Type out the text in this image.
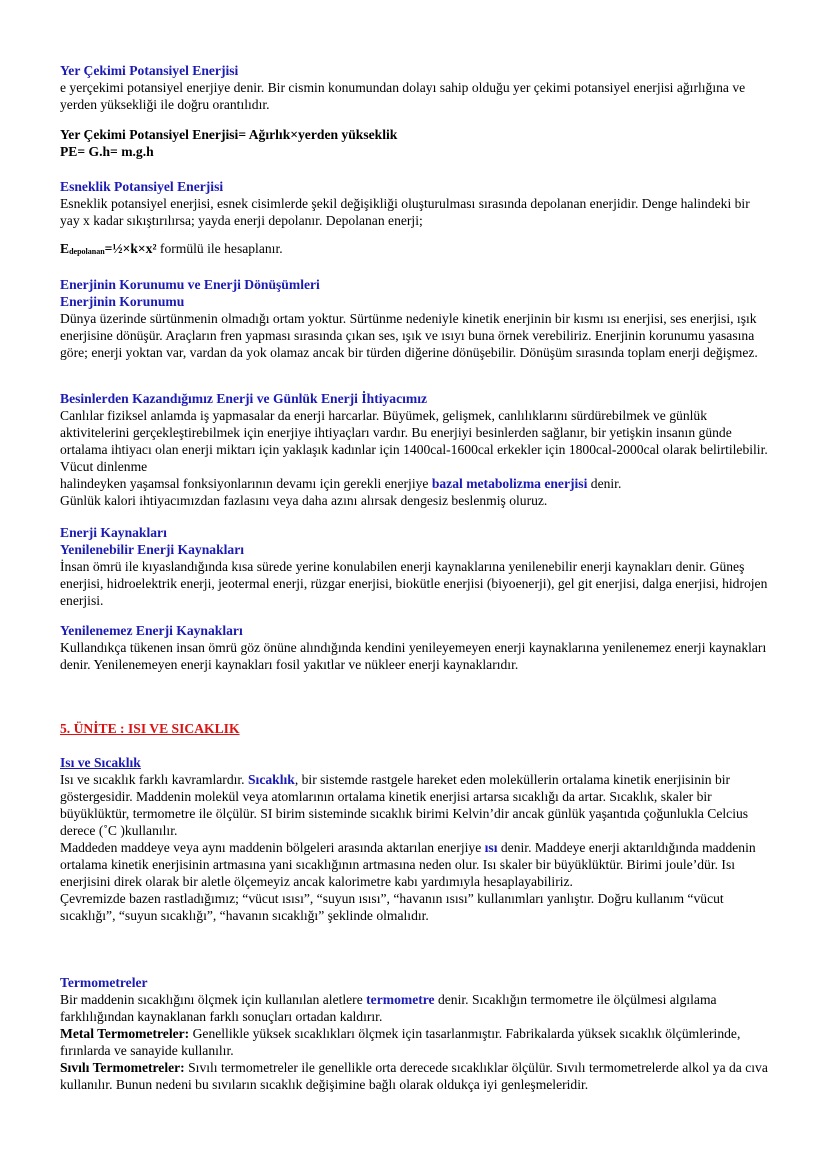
Yer Çekimi Potansiyel Enerjisi

e yerçekimi potansiyel enerjiye denir. Bir cismin konumundan dolayı sahip olduğu yer çekimi potansiyel enerjisi ağırlığına ve yerden yüksekliği ile doğru orantılıdır.

Yer Çekimi Potansiyel Enerjisi= Ağırlık×yerden yükseklik

PE= G.h= m.g.h

Esneklik Potansiyel Enerjisi

Esneklik potansiyel enerjisi, esnek cisimlerde şekil değişikliği oluşturulması sırasında depolanan enerjidir. Denge halindeki bir yay x kadar sıkıştırılırsa; yayda enerji depolanır. Depolanan enerji;

$E_{depolanan}=\frac{1}{2}\times k\times x^2$ formülü ile hesaplanır.

Enerjinin Korunumu ve Enerji Dönüşümleri

Enerjinin Korunumu

Dünya üzerinde sürtünmenin olmadığı ortam yoktur. Sürtünme nedeniyle kinetik enerjinin bir kısmı ısı enerjisi, ses enerjisi, ışık enerjisine dönüşür. Araçların fren yapması sırasında çıkan ses, ışık ve ısıyı buna örnek verebiliriz. Enerjinin korunumu yasasına göre; enerji yoktan var, vardan da yok olamaz ancak bir türden diğerine dönüşebilir. Dönüşüm sırasında toplam enerji değişmez.

Besinlerden Kazandığımız Enerji ve Günlük Enerji İhtiyacımız

Canlılar fiziksel anlamda iş yapmasalar da enerji harcarlar. Büyümek, gelişmek, canlılıklarını sürdürebilmek ve günlük aktivitelerini gerçekleştirebilmek için enerjiye ihtiyaçları vardır. Bu enerjiyi besinlerden sağlanır, bir yetişkin insanın günde ortalama ihtiyacı olan enerji miktarı için yaklaşık kadınlar için 1400cal-1600cal erkekler için 1800cal-2000cal olarak belirtilebilir. Vücut dinlenme

halindeyken yaşamsal fonksiyonlarının devamı için gerekli enerjiye bazal metabolizma enerjisi denir.

Günlük kalori ihtiyacımızdan fazlasını veya daha azını alırsak dengesiz beslenmiş oluruz.

Enerji Kaynakları

Yenilenebilir Enerji Kaynakları

İnsan ömrü ile kıyaslandığında kısa sürede yerine konulabilen enerji kaynaklarına yenilenebilir enerji kaynakları denir. Güneş enerjisi, hidroelektrik enerji, jeotermal enerji, rüzgar enerjisi, biokütle enerjisi (biyoenerji), gel git enerjisi, dalga enerjisi, hidrojen enerjisi.

Yenilenemez Enerji Kaynakları

Kullandıkça tükenen insan ömrü göz önüne alındığında kendini yenileyemeyen enerji kaynaklarına yenilenemez enerji kaynakları denir. Yenilenemeyen enerji kaynakları fosil yakıtlar ve nükleer enerji kaynaklarıdır.

5. ÜNİTE : ISI VE SICAKLIK

Isı ve Sıcaklık

Isı ve sıcaklık farklı kavramlardır. Sıcaklık, bir sistemde rastgele hareket eden moleküllerin ortalama kinetik enerjisinin bir göstergesidir. Maddenin molekül veya atomlarının ortalama kinetik enerjisi artarsa sıcaklığı da artar. Sıcaklık, skaler bir

büyüklüktür, termometre ile ölçülür. SI birim sisteminde sıcaklık birimi Kelvin’dir ancak günlük yaşantıda çoğunlukla Celcius derece (˚C )kullanılır.

Maddeden maddeye veya aynı maddenin bölgeleri arasında aktarılan enerjiye ısı denir. Maddeye enerji aktarıldığında maddenin ortalama kinetik enerjisinin artmasına yani sıcaklığının artmasına neden olur. Isı skaler bir büyüklüktür. Birimi joule’dür. Isı enerjisini direk olarak bir aletle ölçemeyiz ancak kalorimetre kabı yardımıyla hesaplayabiliriz.

Çevremizde bazen rastladığımız; “vücut ısısı”, “suyun ısısı”, “havanın ısısı” kullanımları yanlıştır. Doğru kullanım “vücut sıcaklığı”, “suyun sıcaklığı”, “havanın sıcaklığı” şeklinde olmalıdır.

Termometreler

Bir maddenin sıcaklığını ölçmek için kullanılan aletlere termometre denir. Sıcaklığın termometre ile ölçülmesi algılama farklılığından kaynaklanan farklı sonuçları ortadan kaldırır.

Metal Termometreler: Genellikle yüksek sıcaklıkları ölçmek için tasarlanmıştır. Fabrikalarda yüksek sıcaklık ölçümlerinde, fırınlarda ve sanayide kullanılır.

Sıvılı Termometreler: Sıvılı termometreler ile genellikle orta derecede sıcaklıklar ölçülür. Sıvılı termometrelerde alkol ya da cıva kullanılır. Bunun nedeni bu sıvıların sıcaklık değişimine bağlı olarak oldukça iyi genleşmeleridir.
